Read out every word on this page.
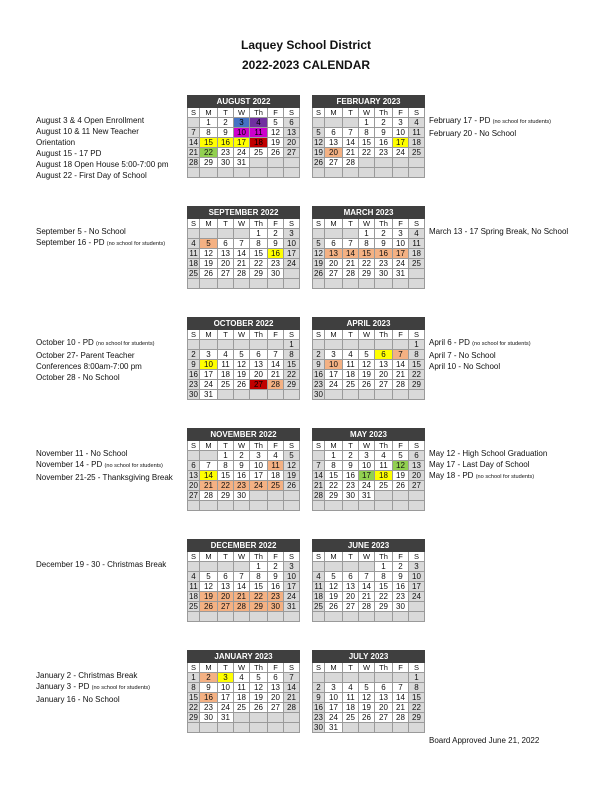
Laquey School District
2022-2023 CALENDAR
AUGUST 2022						
S	M	T	W	Th	F	S
	1	2	3	4	5	6
7	8	9	10	11	12	13
14	15	16	17	18	19	20
21	22	23	24	25	26	27
28	29	30	31			

FEBRUARY 2023						
S	M	T	W	Th	F	S
			1	2	3	4
5	6	7	8	9	10	11
12	13	14	15	16	17	18
19	20	21	22	23	24	25
26	27	28				

SEPTEMBER 2022						
S	M	T	W	Th	F	S
				1	2	3
4	5	6	7	8	9	10
11	12	13	14	15	16	17
18	19	20	21	22	23	24
25	26	27	28	29	30	

MARCH 2023						
S	M	T	W	Th	F	S
			1	2	3	4
5	6	7	8	9	10	11
12	13	14	15	16	17	18
19	20	21	22	23	24	25
26	27	28	29	30	31	

OCTOBER 2022						
S	M	T	W	Th	F	S
						1
2	3	4	5	6	7	8
9	10	11	12	13	14	15
16	17	18	19	20	21	22
23	24	25	26	27	28	29
30	31					
APRIL 2023						
S	M	T	W	Th	F	S
						1
2	3	4	5	6	7	8
9	10	11	12	13	14	15
16	17	18	19	20	21	22
23	24	25	26	27	28	29
30						
NOVEMBER 2022						
S	M	T	W	Th	F	S
		1	2	3	4	5
6	7	8	9	10	11	12
13	14	15	16	17	18	19
20	21	22	23	24	25	26
27	28	29	30			

MAY 2023						
S	M	T	W	Th	F	S
	1	2	3	4	5	6
7	8	9	10	11	12	13
14	15	16	17	18	19	20
21	22	23	24	25	26	27
28	29	30	31			

DECEMBER 2022						
S	M	T	W	Th	F	S
				1	2	3
4	5	6	7	8	9	10
11	12	13	14	15	16	17
18	19	20	21	22	23	24
25	26	27	28	29	30	31

JUNE 2023						
S	M	T	W	Th	F	S
				1	2	3
4	5	6	7	8	9	10
11	12	13	14	15	16	17
18	19	20	21	22	23	24
25	26	27	28	29	30	

JANUARY 2023						
S	M	T	W	Th	F	S
1	2	3	4	5	6	7
8	9	10	11	12	13	14
15	16	17	18	19	20	21
22	23	24	25	26	27	28
29	30	31				

JULY 2023						
S	M	T	W	Th	F	S
						1
2	3	4	5	6	7	8
9	10	11	12	13	14	15
16	17	18	19	20	21	22
23	24	25	26	27	28	29
30	31					
August 3 & 4 Open Enrollment
August 10 & 11 New Teacher
Orientation
August 15 - 17 PD
August 18 Open House 5:00-7:00 pm
August 22 - First Day of School
September 5 - No School
September 16 - PD (no school for students)
October 10 - PD (no school for students)
October 27- Parent Teacher
Conferences 8:00am-7:00 pm
October 28 - No School
November 11 - No School
November 14 - PD (no school for students)
November 21-25 - Thanksgiving Break
December 19 - 30 - Christmas Break
January 2 - Christmas Break
January 3 - PD (no school for students)
January 16 - No School
February 17 - PD (no school for students)
February 20 - No School
March 13 - 17 Spring Break, No School
April 6 - PD (no school for students)
April 7 - No School
April 10 - No School
May 12 - High School Graduation
May 17 - Last Day of School
May 18 - PD (no school for students)
Board Approved June 21, 2022
